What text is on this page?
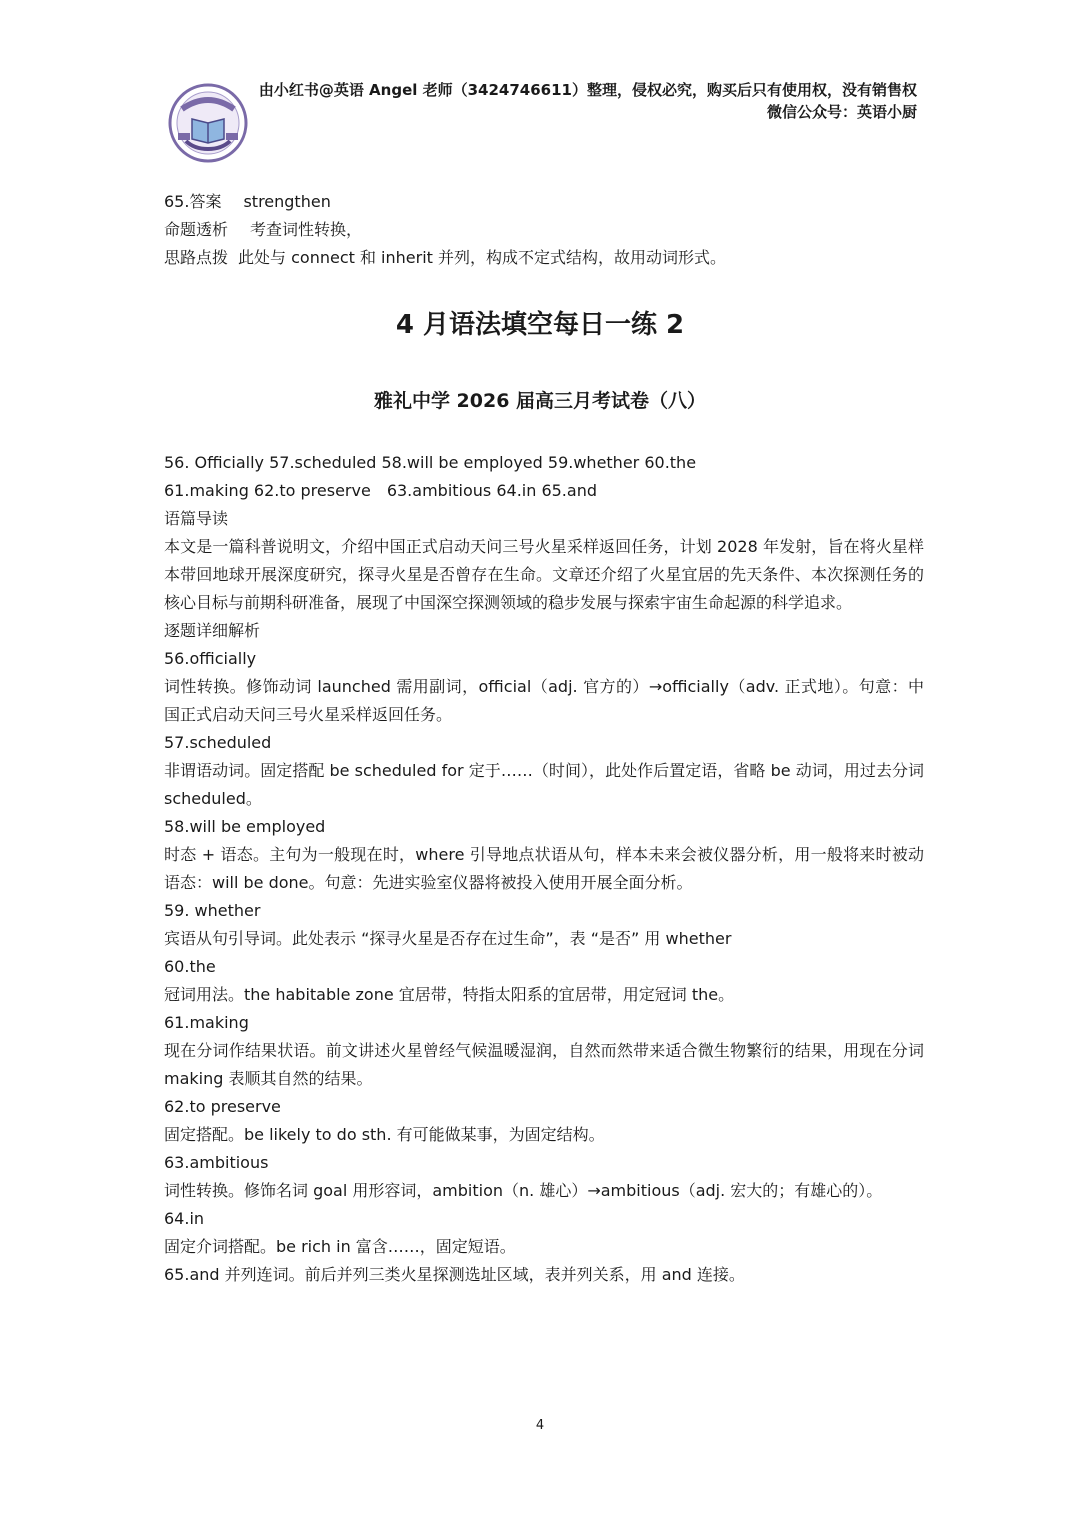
由小红书@英语 Angel 老师（3424746611）整理，侵权必究，购买后只有使用权，没有销售权
微信公众号：英语小厨
65.答案 strengthen
命题透析 考查词性转换，
思路点拨 此处与 connect 和 inherit 并列，构成不定式结构，故用动词形式。
4 月语法填空每日一练 2
雅礼中学 2026 届高三月考试卷（八）
56. Officially 57.scheduled 58.will be employed 59.whether 60.the
61.making 62.to preserve　63.ambitious 64.in 65.and
语篇导读
本文是一篇科普说明文，介绍中国正式启动天问三号火星采样返回任务，计划 2028 年发射，旨在将火星样本带回地球开展深度研究，探寻火星是否曾存在生命。文章还介绍了火星宜居的先天条件、本次探测任务的核心目标与前期科研准备，展现了中国深空探测领域的稳步发展与探索宇宙生命起源的科学追求。
逐题详细解析
56.officially
词性转换。修饰动词 launched 需用副词，official（adj. 官方的）→officially（adv. 正式地）。句意：中国正式启动天问三号火星采样返回任务。
57.scheduled
非谓语动词。固定搭配 be scheduled for 定于……（时间），此处作后置定语，省略 be 动词，用过去分词 scheduled。
58.will be employed
时态 + 语态。主句为一般现在时，where 引导地点状语从句，样本未来会被仪器分析，用一般将来时被动语态：will be done。句意：先进实验室仪器将被投入使用开展全面分析。
59. whether
宾语从句引导词。此处表示 “探寻火星是否存在过生命”，表 “是否” 用 whether
60.the
冠词用法。the habitable zone 宜居带，特指太阳系的宜居带，用定冠词 the。
61.making
现在分词作结果状语。前文讲述火星曾经气候温暖湿润，自然而然带来适合微生物繁衍的结果，用现在分词 making 表顺其自然的结果。
62.to preserve
固定搭配。be likely to do sth. 有可能做某事，为固定结构。
63.ambitious
词性转换。修饰名词 goal 用形容词，ambition（n. 雄心）→ambitious（adj. 宏大的；有雄心的）。
64.in
固定介词搭配。be rich in 富含……，固定短语。
65.and 并列连词。前后并列三类火星探测选址区域，表并列关系，用 and 连接。
4
